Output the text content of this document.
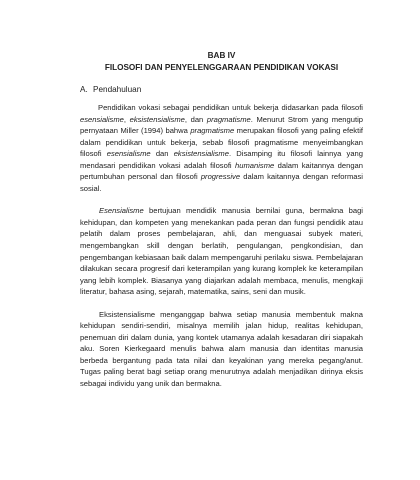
BAB IV

FILOSOFI DAN PENYELENGGARAAN PENDIDIKAN VOKASI

A. Pendahuluan

Pendidikan vokasi sebagai pendidikan untuk bekerja didasarkan pada filosofi esensialisme, eksistensialisme, dan pragmatisme. Menurut Strom yang mengutip pernyataan Miller (1994) bahwa pragmatisme merupakan filosofi yang paling efektif dalam pendidikan untuk bekerja, sebab filosofi pragmatisme menyeimbangkan filosofi esensialisme dan eksistensialisme. Disamping itu filosofi lainnya yang mendasari pendidikan vokasi adalah filosofi humanisme dalam kaitannya dengan pertumbuhan personal dan filosofi progressive dalam kaitannya dengan reformasi sosial.

Esensialisme bertujuan mendidik manusia bernilai guna, bermakna bagi kehidupan, dan kompeten yang menekankan pada peran dan fungsi pendidik atau pelatih dalam proses pembelajaran, ahli, dan menguasai subyek materi, mengembangkan skill dengan berlatih, pengulangan, pengkondisian, dan pengembangan kebiasaan baik dalam mempengaruhi perilaku siswa. Pembelajaran dilakukan secara progresif dari keterampilan yang kurang komplek ke keterampilan yang lebih komplek. Biasanya yang diajarkan adalah membaca, menulis, mengkaji literatur, bahasa asing, sejarah, matematika, sains, seni dan musik.

Eksistensialisme menganggap bahwa setiap manusia membentuk makna kehidupan sendiri-sendiri, misalnya memilih jalan hidup, realitas kehidupan, penemuan diri dalam dunia, yang kontek utamanya adalah kesadaran diri siapakah aku. Soren Kierkegaard menulis bahwa alam manusia dan identitas manusia berbeda bergantung pada tata nilai dan keyakinan yang mereka pegang/anut. Tugas paling berat bagi setiap orang menurutnya adalah menjadikan dirinya eksis sebagai individu yang unik dan bermakna.
